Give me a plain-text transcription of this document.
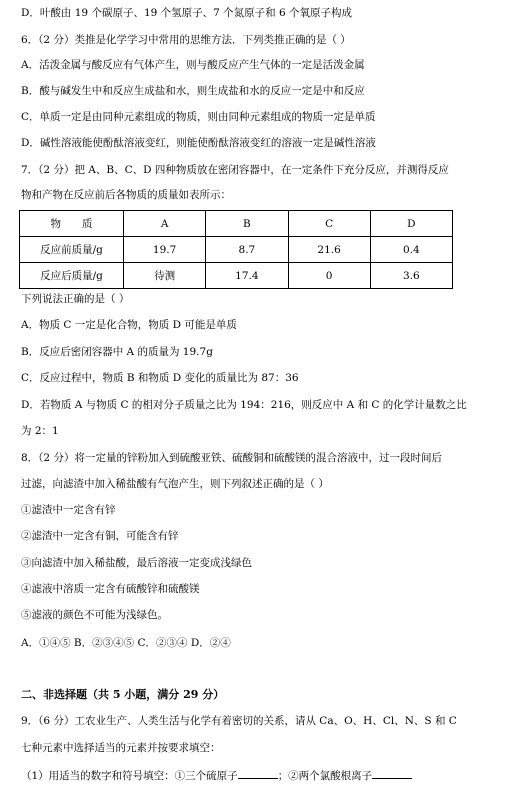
D．叶酸由 19 个碳原子、19 个氢原子、7 个氮原子和 6 个氧原子构成
6．（2 分）类推是化学学习中常用的思维方法．下列类推正确的是（ ）
A．活泼金属与酸反应有气体产生，则与酸反应产生气体的一定是活泼金属
B．酸与碱发生中和反应生成盐和水，则生成盐和水的反应一定是中和反应
C．单质一定是由同种元素组成的物质，则由同种元素组成的物质一定是单质
D．碱性溶液能使酚酞溶液变红，则能使酚酞溶液变红的溶液一定是碱性溶液
7．（2 分）把 A、B、C、D 四种物质放在密闭容器中，在一定条件下充分反应，并测得反应
物和产物在反应前后各物质的质量如表所示：
物　　质	A	B	C	D
反应前质量/g	19.7	8.7	21.6	0.4
反应后质量/g	待测	17.4	0	3.6
下列说法正确的是（ ）
A．物质 C 一定是化合物，物质 D 可能是单质
B．反应后密闭容器中 A 的质量为 19.7g
C．反应过程中，物质 B 和物质 D 变化的质量比为 87：36
D．若物质 A 与物质 C 的相对分子质量之比为 194：216，则反应中 A 和 C 的化学计量数之比
为 2：1
8．（2 分）将一定量的锌粉加入到硫酸亚铁、硫酸铜和硫酸镁的混合溶液中，过一段时间后
过滤，向滤渣中加入稀盐酸有气泡产生，则下列叙述正确的是（ ）
①滤渣中一定含有锌
②滤渣中一定含有铜，可能含有锌
③向滤渣中加入稀盐酸，最后溶液一定变成浅绿色
④滤液中溶质一定含有硫酸锌和硫酸镁
⑤滤液的颜色不可能为浅绿色。
A．①④⑤ B．②③④⑤ C．②③④ D．②④
二、非选择题（共 5 小题，满分 29 分）
9．（6 分）工农业生产、人类生活与化学有着密切的关系，请从 Ca、O、H、Cl、N、S 和 C
七种元素中选择适当的元素并按要求填空：
（1）用适当的数字和符号填空：①三个硫原子	；②两个氯酸根离子
